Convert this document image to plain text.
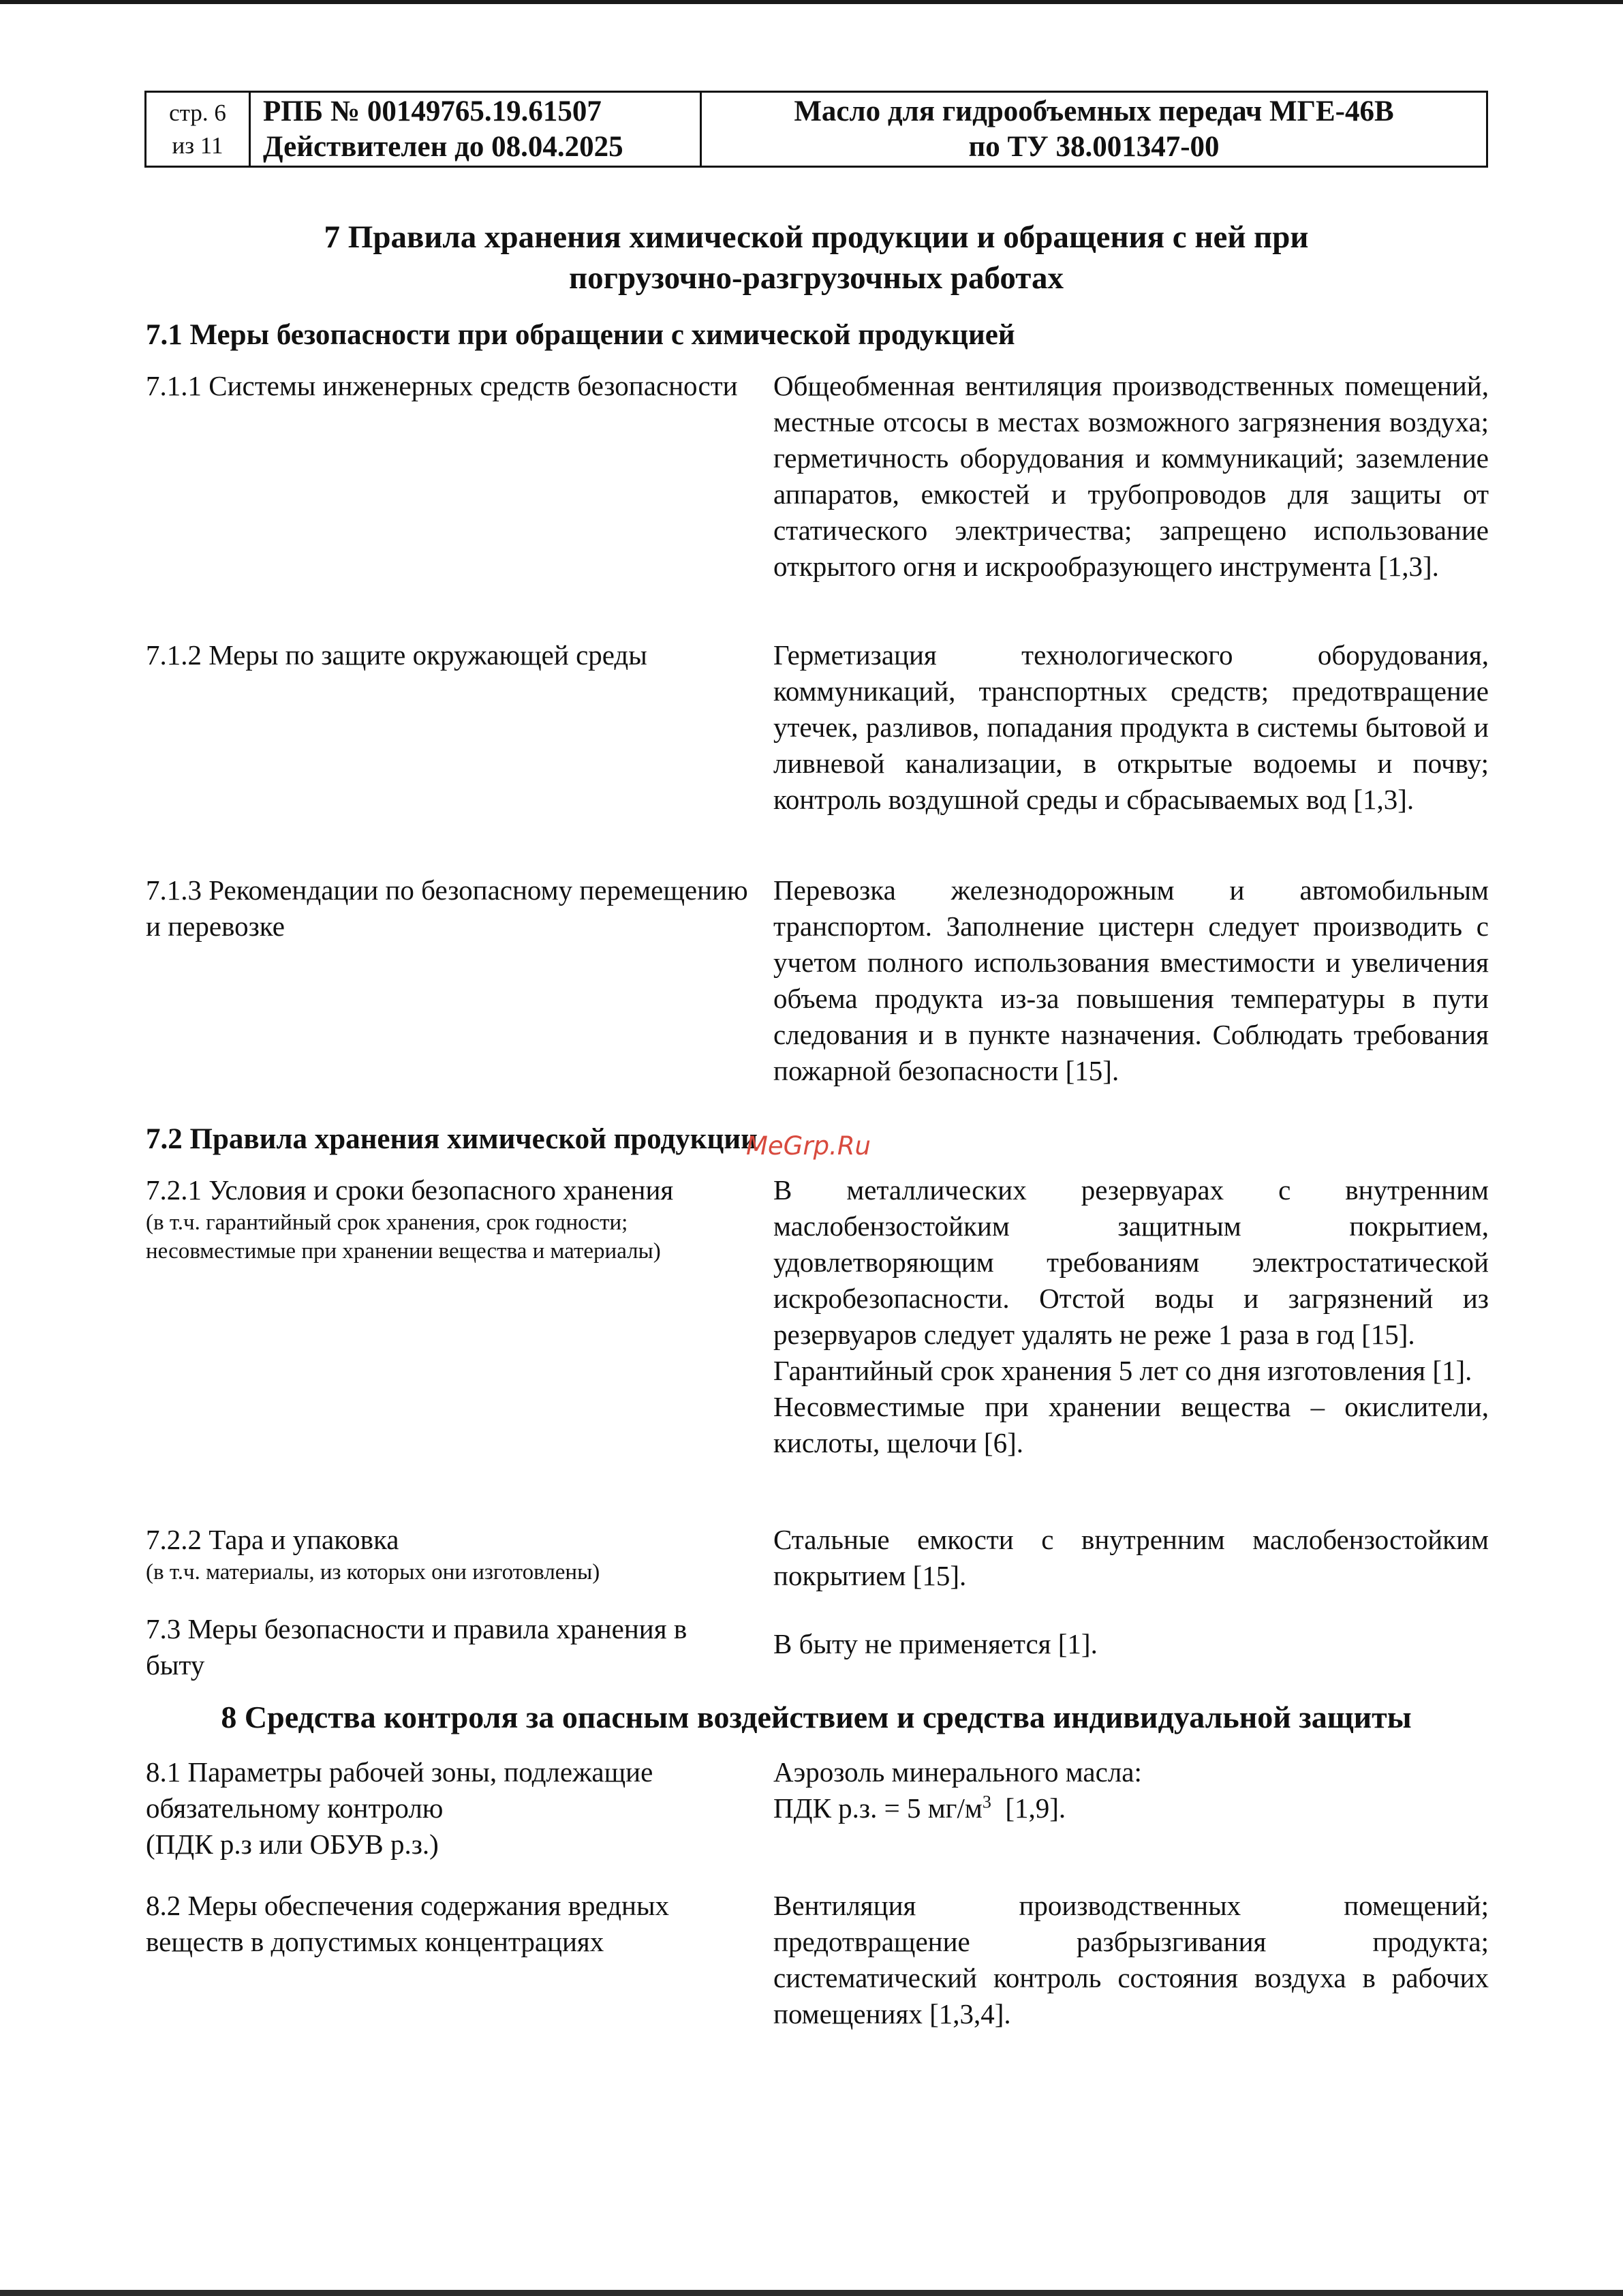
стр. 6
из 11
РПБ № 00149765.19.61507
Действителен до 08.04.2025
Масло для гидрообъемных передач МГЕ-46В
по ТУ 38.001347-00
7 Правила хранения химической продукции и обращения с ней при
погрузочно-разгрузочных работах
7.1 Меры безопасности при обращении с химической продукцией
7.1.1 Системы инженерных средств безопасности Общеобменная вентиляция производственных помещений, местные отсосы в местах возможного загрязнения воздуха; герметичность оборудования и коммуникаций; заземление аппаратов, емкостей и трубопроводов для защиты от статического электричества; запрещено использование открытого огня и искрообразующего инструмента [1,3].
7.1.2 Меры по защите окружающей среды	Герметизация технологического оборудования, коммуникаций, транспортных средств; предотвращение утечек, разливов, попадания продукта в системы бытовой и ливневой канализации, в открытые водоемы и почву; контроль воздушной среды и сбрасываемых вод [1,3].
7.1.3 Рекомендации по безопасному перемещению и перевозке
Перевозка железнодорожным и автомобильным транспортом. Заполнение цистерн следует производить с учетом полного использования вместимости и увеличения объема продукта из-за повышения температуры в пути следования и в пункте назначения. Соблюдать требования пожарной безопасности [15].
7.2 Правила хранения химической продукции
7.2.1 Условия и сроки безопасного хранения
(в т.ч. гарантийный срок хранения, срок годности; несовместимые при хранении вещества и материалы)

В металлических резервуарах с внутренним маслобензостойким защитным покрытием, удовлетворяющим требованиям электростатической искробезопасности. Отстой воды и загрязнений из резервуаров следует удалять не реже 1 раза в год [15].

Гарантийный срок хранения 5 лет со дня изготовления [1].

Несовместимые при хранении вещества – окислители, кислоты, щелочи [6].

7.2.2 Тара и упаковка
(в т.ч. материалы, из которых они изготовлены)
Стальные емкости с внутренним маслобензостойким покрытием [15].
7.3 Меры безопасности и правила хранения в быту
В быту не применяется [1].
8 Средства контроля за опасным воздействием и средства индивидуальной защиты
8.1 Параметры рабочей зоны, подлежащие обязательному контролю
(ПДК р.з или ОБУВ р.з.)

Аэрозоль минерального масла:

ПДК р.з. = 5 $мг/м^3$  [1,9].

8.2 Меры обеспечения содержания вредных веществ в допустимых концентрациях
Вентиляция производственных помещений; предотвращение разбрызгивания продукта; систематический контроль состояния воздуха в рабочих помещениях [1,3,4].
MeGrp.Ru
